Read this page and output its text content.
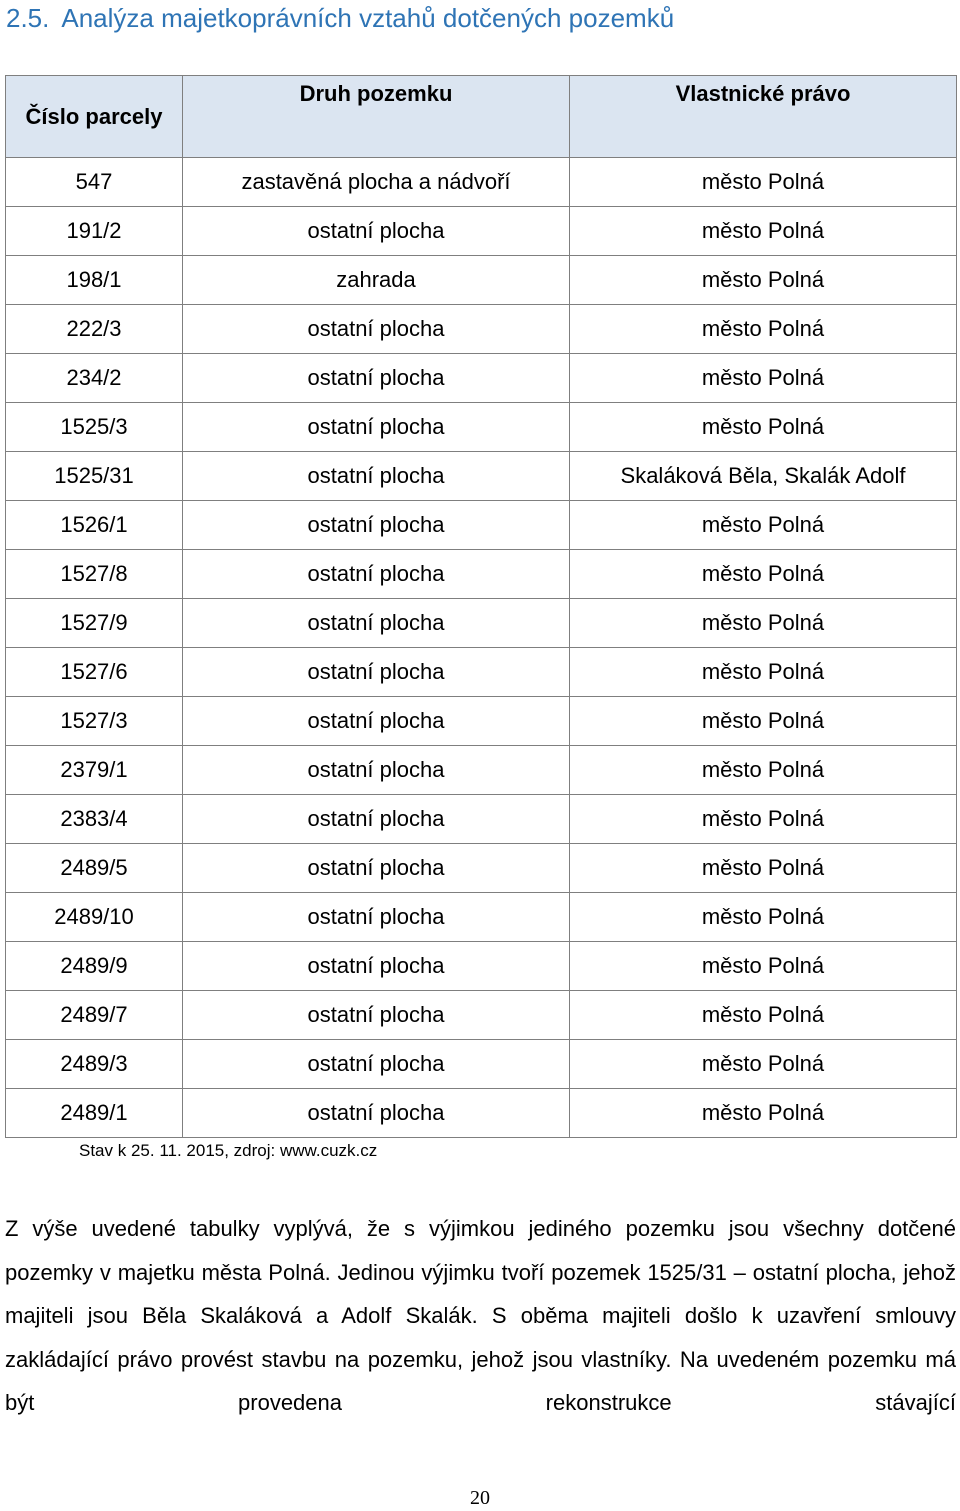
2.5. Analýza majetkoprávních vztahů dotčených pozemků
Číslo parcely	Druh pozemku	Vlastnické právo
547	zastavěná plocha a nádvoří	město Polná
191/2	ostatní plocha	město Polná
198/1	zahrada	město Polná
222/3	ostatní plocha	město Polná
234/2	ostatní plocha	město Polná
1525/3	ostatní plocha	město Polná
1525/31	ostatní plocha	Skaláková Běla, Skalák Adolf
1526/1	ostatní plocha	město Polná
1527/8	ostatní plocha	město Polná
1527/9	ostatní plocha	město Polná
1527/6	ostatní plocha	město Polná
1527/3	ostatní plocha	město Polná
2379/1	ostatní plocha	město Polná
2383/4	ostatní plocha	město Polná
2489/5	ostatní plocha	město Polná
2489/10	ostatní plocha	město Polná
2489/9	ostatní plocha	město Polná
2489/7	ostatní plocha	město Polná
2489/3	ostatní plocha	město Polná
2489/1	ostatní plocha	město Polná
Stav k 25. 11. 2015, zdroj: www.cuzk.cz

Z výše uvedené tabulky vyplývá, že s výjimkou jediného pozemku jsou všechny dotčené pozemky v majetku města Polná. Jedinou výjimku tvoří pozemek 1525/31 – ostatní plocha, jehož majiteli jsou Běla Skaláková a Adolf Skalák. S oběma majiteli došlo k uzavření smlouvy zakládající právo provést stavbu na pozemku, jehož jsou vlastníky. Na uvedeném pozemku má být provedena rekonstrukce stávající

20
